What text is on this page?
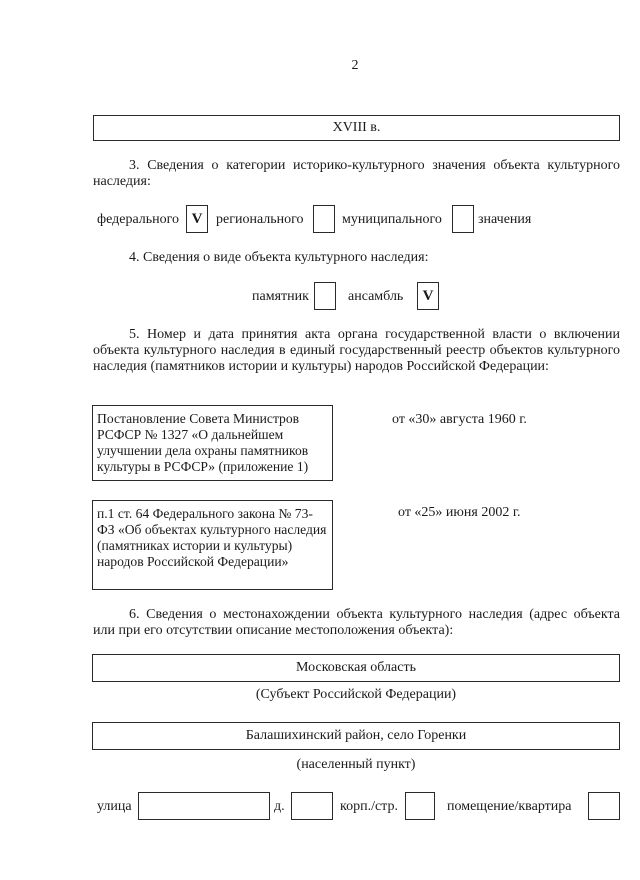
2
XVIII в.
3. Сведения о категории историко-культурного значения объекта культурного наследия:
федерального V регионального	муниципального	значения
4. Сведения о виде объекта культурного наследия:
памятник	ансамбль	V
5. Номер и дата принятия акта органа государственной власти о включении объекта культурного наследия в единый государственный реестр объектов культурного наследия (памятников истории и культуры) народов Российской Федерации:
Постановление Совета Министров РСФСР № 1327 «О дальнейшем улучшении дела охраны памятников культуры в РСФСР» (приложение 1)
от «30» августа 1960 г.
п.1 ст. 64 Федерального закона № 73-ФЗ «Об объектах культурного наследия (памятниках истории и культуры) народов Российской Федерации»
от «25» июня 2002 г.
6. Сведения о местонахождении объекта культурного наследия (адрес объекта или при его отсутствии описание местоположения объекта):
Московская область
(Субъект Российской Федерации)
Балашихинский район, село Горенки
(населенный пункт)
улица	д.	корп./стр.	помещение/квартира
